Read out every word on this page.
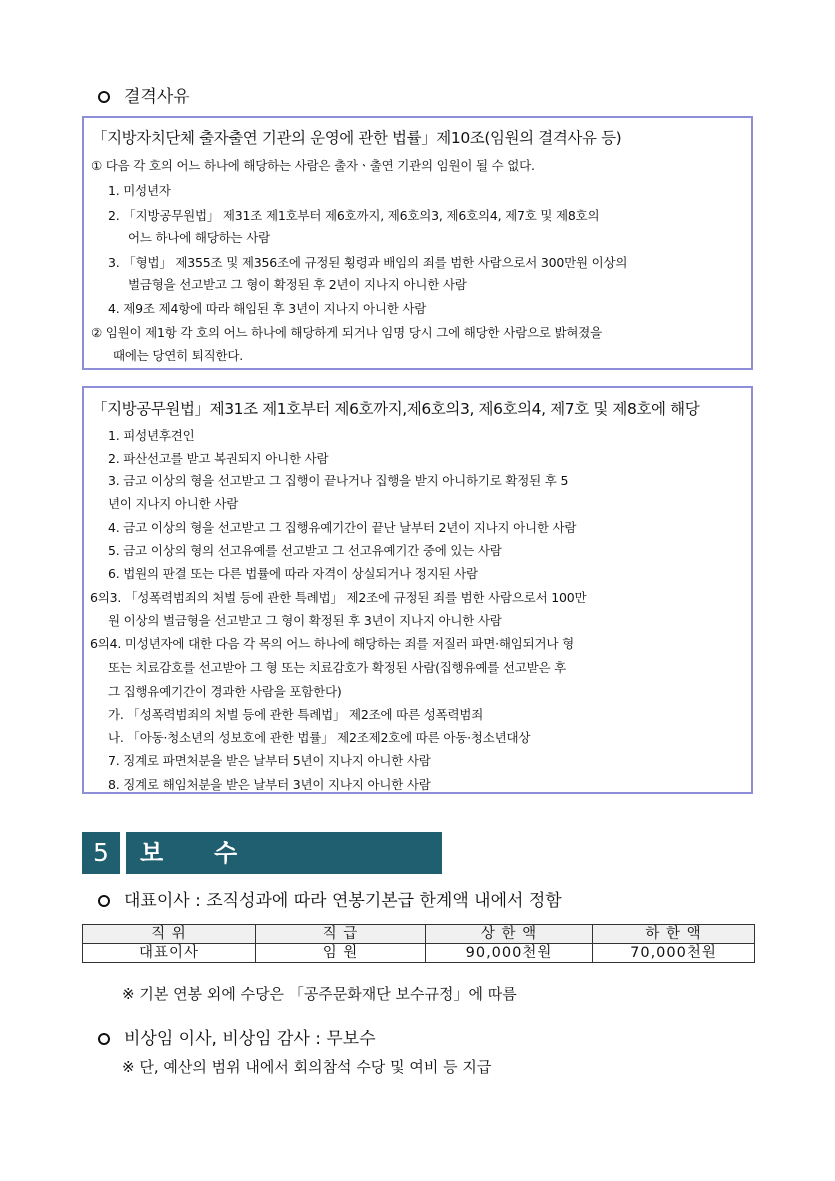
결격사유
「지방자치단체 출자출연 기관의 운영에 관한 법률」제10조(임원의 결격사유 등)
① 다음 각 호의 어느 하나에 해당하는 사람은 출자ㆍ출연 기관의 임원이 될 수 없다.
1. 미성년자
2. 「지방공무원법」 제31조 제1호부터 제6호까지, 제6호의3, 제6호의4, 제7호 및 제8호의
어느 하나에 해당하는 사람
3. 「형법」 제355조 및 제356조에 규정된 횡령과 배임의 죄를 범한 사람으로서 300만원 이상의
벌금형을 선고받고 그 형이 확정된 후 2년이 지나지 아니한 사람
4. 제9조 제4항에 따라 해임된 후 3년이 지나지 아니한 사람
② 임원이 제1항 각 호의 어느 하나에 해당하게 되거나 임명 당시 그에 해당한 사람으로 밝혀졌을
때에는 당연히 퇴직한다.
「지방공무원법」제31조 제1호부터 제6호까지,제6호의3, 제6호의4, 제7호 및 제8호에 해당
1. 피성년후견인
2. 파산선고를 받고 복권되지 아니한 사람
3. 금고 이상의 형을 선고받고 그 집행이 끝나거나 집행을 받지 아니하기로 확정된 후 5
년이 지나지 아니한 사람
4. 금고 이상의 형을 선고받고 그 집행유예기간이 끝난 날부터 2년이 지나지 아니한 사람
5. 금고 이상의 형의 선고유예를 선고받고 그 선고유예기간 중에 있는 사람
6. 법원의 판결 또는 다른 법률에 따라 자격이 상실되거나 정지된 사람
6의3. 「성폭력범죄의 처벌 등에 관한 특례법」 제2조에 규정된 죄를 범한 사람으로서 100만
원 이상의 벌금형을 선고받고 그 형이 확정된 후 3년이 지나지 아니한 사람
6의4. 미성년자에 대한 다음 각 목의 어느 하나에 해당하는 죄를 저질러 파면·해임되거나 형
또는 치료감호를 선고받아 그 형 또는 치료감호가 확정된 사람(집행유예를 선고받은 후
그 집행유예기간이 경과한 사람을 포함한다)
가. 「성폭력범죄의 처벌 등에 관한 특례법」 제2조에 따른 성폭력범죄
나. 「아동·청소년의 성보호에 관한 법률」 제2조제2호에 따른 아동·청소년대상
7. 징계로 파면처분을 받은 날부터 5년이 지나지 아니한 사람
8. 징계로 해임처분을 받은 날부터 3년이 지나지 아니한 사람
5	보 수
대표이사 : 조직성과에 따라 연봉기본급 한계액 내에서 정함
직 위	직 급	상 한 액	하 한 액
대표이사	임 원	90,000천원	70,000천원
※ 기본 연봉 외에 수당은 「공주문화재단 보수규정」에 따름
비상임 이사, 비상임 감사 : 무보수
※ 단, 예산의 범위 내에서 회의참석 수당 및 여비 등 지급
